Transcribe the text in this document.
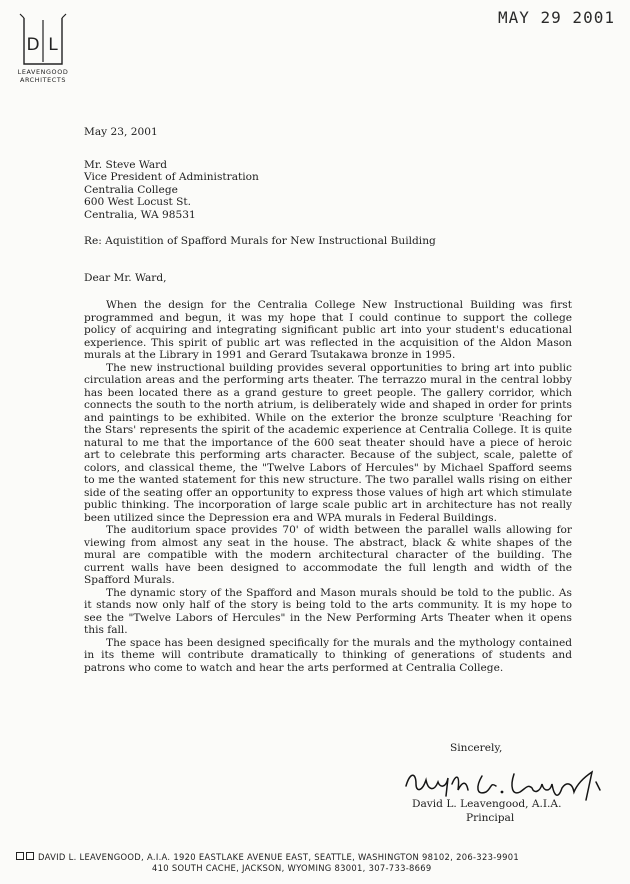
MAY 29 2001
D L
LEAVENGOOD
ARCHITECTS
May 23, 2001
Mr. Steve Ward
Vice President of Administration
Centralia College
600 West Locust St.
Centralia, WA 98531
Re: Aquistition of Spafford Murals for New Instructional Building
Dear Mr. Ward,

When the design for the Centralia College New Instructional Building was first programmed and begun, it was my hope that I could continue to support the college policy of acquiring and integrating significant public art into your student's educational experience. This spirit of public art was reflected in the acquisition of the Aldon Mason murals at the Library in 1991 and Gerard Tsutakawa bronze in 1995.

The new instructional building provides several opportunities to bring art into public circulation areas and the performing arts theater. The terrazzo mural in the central lobby has been located there as a grand gesture to greet people. The gallery corridor, which connects the south to the north atrium, is deliberately wide and shaped in order for prints and paintings to be exhibited. While on the exterior the bronze sculpture 'Reaching for the Stars' represents the spirit of the academic experience at Centralia College. It is quite natural to me that the importance of the 600 seat theater should have a piece of heroic art to celebrate this performing arts character. Because of the subject, scale, palette of colors, and classical theme, the "Twelve Labors of Hercules" by Michael Spafford seems to me the wanted statement for this new structure. The two parallel walls rising on either side of the seating offer an opportunity to express those values of high art which stimulate public thinking. The incorporation of large scale public art in architecture has not really been utilized since the Depression era and WPA murals in Federal Buildings.

The auditorium space provides 70' of width between the parallel walls allowing for viewing from almost any seat in the house. The abstract, black & white shapes of the mural are compatible with the modern architectural character of the building. The current walls have been designed to accommodate the full length and width of the Spafford Murals.

The dynamic story of the Spafford and Mason murals should be told to the public. As it stands now only half of the story is being told to the arts community. It is my hope to see the "Twelve Labors of Hercules" in the New Performing Arts Theater when it opens this fall.

The space has been designed specifically for the murals and the mythology contained in its theme will contribute dramatically to thinking of generations of students and patrons who come to watch and hear the arts performed at Centralia College.

Sincerely,
David L. Leavengood, A.I.A.
Principal
DAVID L. LEAVENGOOD, A.I.A. 1920 EASTLAKE AVENUE EAST, SEATTLE, WASHINGTON 98102, 206-323-9901
410 SOUTH CACHE, JACKSON, WYOMING 83001, 307-733-8669
